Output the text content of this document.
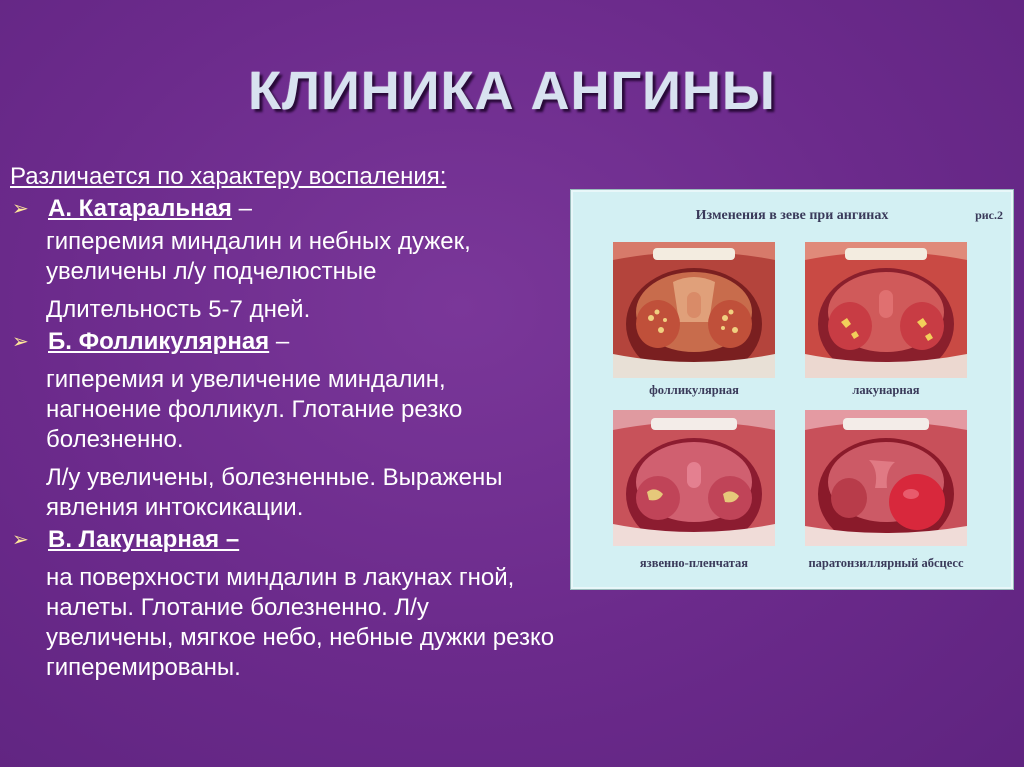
КЛИНИКА АНГИНЫ
Различается по характеру воспаления:
➢ А. Катаральная –
гиперемия миндалин и небных дужек, увеличены л/у подчелюстные
Длительность 5-7 дней.
➢ Б. Фолликулярная –
гиперемия и увеличение миндалин, нагноение фолликул. Глотание резко болезненно.
Л/у увеличены, болезненные. Выражены явления интоксикации.
➢ В. Лакунарная –
на поверхности миндалин в лакунах гной, налеты. Глотание болезненно. Л/у увеличены, мягкое небо, небные дужки резко гиперемированы.
Изменения в зеве при ангинах	рис.2
фолликулярная	лакунарная
язвенно-пленчатая	паратонзиллярный абсцесс
